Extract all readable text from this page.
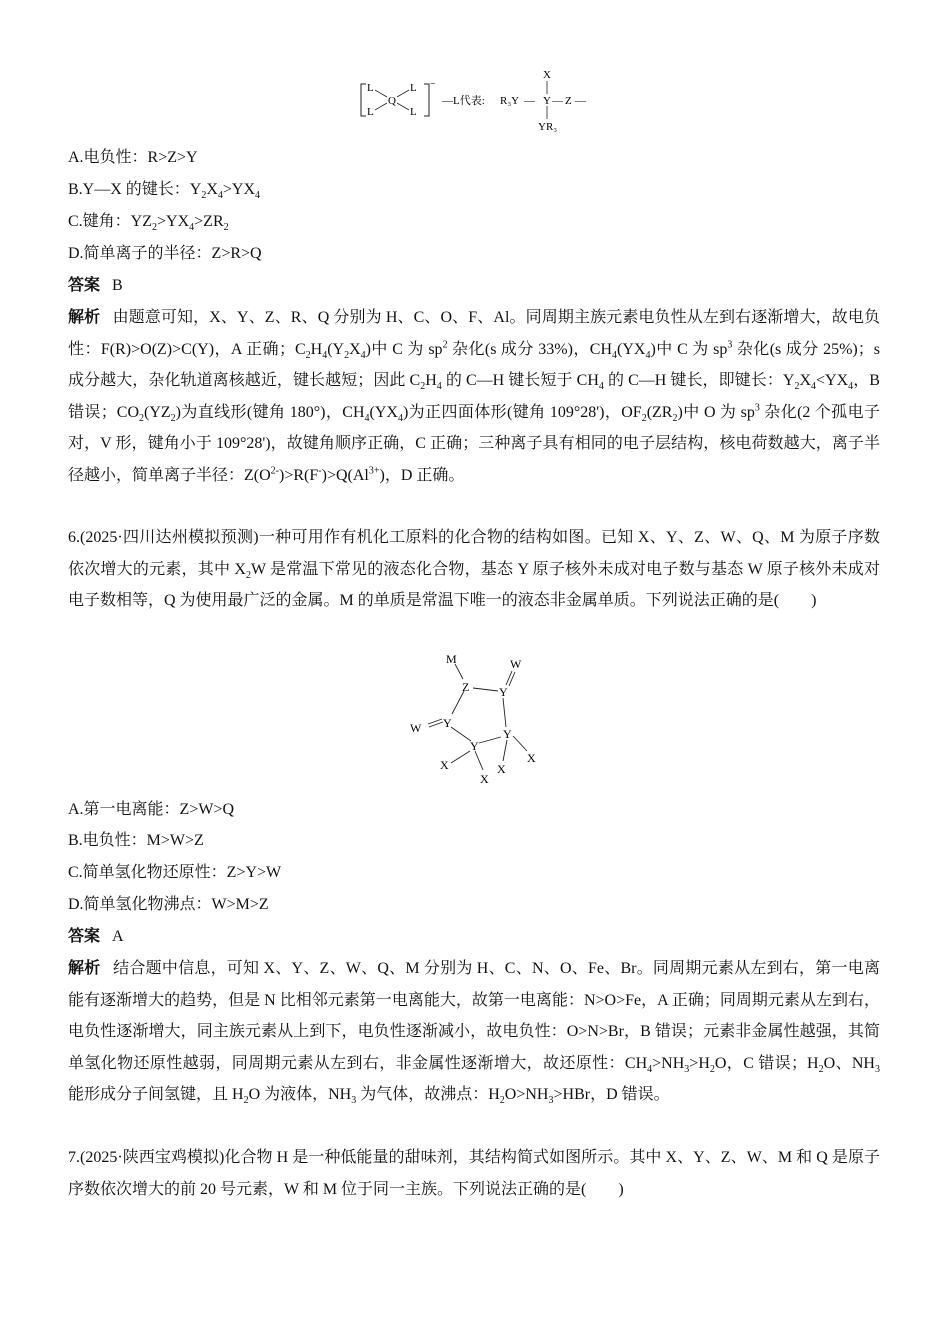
L
L
Q
L
L
−
—L代表: R₃Y — Y
X
YR₃
— Z —
A.电负性：R>Z>Y
B.Y—X 的键长：$Y_2X_4>YX_4$
C.键角：$YZ_2>YX_4>ZR_2$
D.简单离子的半径：Z>R>Q
答案 B
解析   由题意可知，X、Y、Z、R、Q 分别为 H、C、O、F、Al。同周期主族元素电负性从左到右逐渐增大，故电负性：F(R)>O(Z)>C(Y)，A 正确；$C_2H_4(Y_2X_4)$中 C 为 $sp^2$ 杂化(s 成分 33%)，$CH_4(YX_4)$中 C 为 $sp^3$ 杂化(s 成分 25%)；s 成分越大，杂化轨道离核越近，键长越短；因此 $C_2H_4$ 的 C—H 键长短于 $CH_4$ 的 C—H 键长，即键长：$Y_2X_4<YX_4$，B 错误；$CO_2(YZ_2)$为直线形(键角 180°)，$CH_4(YX_4)$为正四面体形(键角 109°28')，$OF_2(ZR_2)$中 O 为 $sp^3$ 杂化(2 个孤电子对，V 形，键角小于 109°28')，故键角顺序正确，C 正确；三种离子具有相同的电子层结构，核电荷数越大，离子半径越小，简单离子半径：$Z(O^{2-})>R(F^-)>Q(Al^{3+})$，D 正确。
6.(2025·四川达州模拟预测)一种可用作有机化工原料的化合物的结构如图。已知 X、Y、Z、W、Q、M 为原子序数依次增大的元素，其中 $X_2W$ 是常温下常见的液态化合物，基态 Y 原子核外未成对电子数与基态 W 原子核外未成对电子数相等，Q 为使用最广泛的金属。M 的单质是常温下唯一的液态非金属单质。下列说法正确的是(　　)
M
Z
W
Y
W Y
Y
Y
X
X
X
X
A.第一电离能：Z>W>Q
B.电负性：M>W>Z
C.简单氢化物还原性：Z>Y>W
D.简单氢化物沸点：W>M>Z
答案 A
解析   结合题中信息，可知 X、Y、Z、W、Q、M 分别为 H、C、N、O、Fe、Br。同周期元素从左到右，第一电离能有逐渐增大的趋势，但是 N 比相邻元素第一电离能大，故第一电离能：N>O>Fe，A 正确；同周期元素从左到右，电负性逐渐增大，同主族元素从上到下，电负性逐渐减小，故电负性：O>N>Br，B 错误；元素非金属性越强，其简单氢化物还原性越弱，同周期元素从左到右，非金属性逐渐增大，故还原性：$CH_4>NH_3>H_2O$，C 错误；$H_2O$、$NH_3$ 能形成分子间氢键，且 $H_2O$ 为液体，$NH_3$ 为气体，故沸点：$H_2O>NH_3>HBr$，D 错误。
7.(2025·陕西宝鸡模拟)化合物 H 是一种低能量的甜味剂，其结构简式如图所示。其中 X、Y、Z、W、M 和 Q 是原子序数依次增大的前 20 号元素，W 和 M 位于同一主族。下列说法正确的是(　　)
